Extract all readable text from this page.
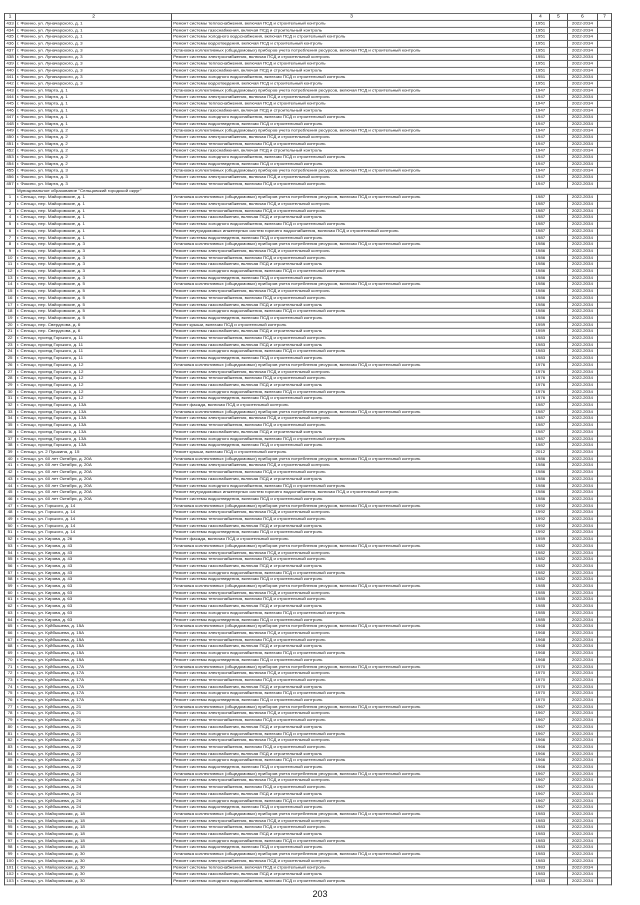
1	2	3	4	5	6	7
433	г. Фокино, ул. Луначарского, д. 1	Ремонт системы теплоснабжения, включая ПСД и строительный контроль	1951		2022-2034	
434	г. Фокино, ул. Луначарского, д. 1	Ремонт системы газоснабжения, включая ПСД и строительный контроль	1951		2022-2034	
435	г. Фокино, ул. Луначарского, д. 1	Ремонт системы холодного водоснабжения, включая ПСД и строительный контроль	1951		2022-2034	
436	г. Фокино, ул. Луначарского, д. 3	Ремонт системы водоотведения, включая ПСД и строительный контроль	1951		2022-2034	
437	г. Фокино, ул. Луначарского, д. 3	Установка коллективных (общедомовых) приборов учета потребления ресурсов, включая ПСД и строительный контроль	1951		2022-2034	
438	г. Фокино, ул. Луначарского, д. 3	Ремонт системы электроснабжения, включая ПСД и строительный контроль	1951		2022-2034	
439	г. Фокино, ул. Луначарского, д. 3	Ремонт системы теплоснабжения, включая ПСД и строительный контроль	1951		2022-2034	
440	г. Фокино, ул. Луначарского, д. 3	Ремонт системы газоснабжения, включая ПСД и строительный контроль	1951		2022-2034	
441	г. Фокино, ул. Луначарского, д. 3	Ремонт системы холодного водоснабжения, включая ПСД и строительный контроль	1951		2022-2034	
442	г. Фокино, ул. Луначарского, д. 3	Ремонт системы водоотведения, включая ПСД и строительный контроль	1951		2022-2034	
443	г. Фокино, ул. Марта, д. 1	Установка коллективных (общедомовых) приборов учета потребления ресурсов, включая ПСД и строительный контроль	1947		2022-2034	
444	г. Фокино, ул. Марта, д. 1	Ремонт системы электроснабжения, включая ПСД и строительный контроль	1947		2022-2034	
445	г. Фокино, ул. Марта, д. 1	Ремонт системы теплоснабжения, включая ПСД и строительный контроль	1947		2022-2034	
446	г. Фокино, ул. Марта, д. 1	Ремонт системы газоснабжения, включая ПСД и строительный контроль	1947		2022-2034	
447	г. Фокино, ул. Марта, д. 1	Ремонт системы холодного водоснабжения, включая ПСД и строительный контроль	1947		2022-2034	
448	г. Фокино, ул. Марта, д. 1	Ремонт системы водоотведения, включая ПСД и строительный контроль	1947		2022-2034	
449	г. Фокино, ул. Марта, д. 2	Установка коллективных (общедомовых) приборов учета потребления ресурсов, включая ПСД и строительный контроль	1947		2022-2034	
450	г. Фокино, ул. Марта, д. 2	Ремонт системы электроснабжения, включая ПСД и строительный контроль	1947		2022-2034	
451	г. Фокино, ул. Марта, д. 2	Ремонт системы теплоснабжения, включая ПСД и строительный контроль	1947		2022-2034	
452	г. Фокино, ул. Марта, д. 2	Ремонт системы газоснабжения, включая ПСД и строительный контроль	1947		2022-2034	
453	г. Фокино, ул. Марта, д. 2	Ремонт системы холодного водоснабжения, включая ПСД и строительный контроль	1947		2022-2034	
454	г. Фокино, ул. Марта, д. 2	Ремонт системы водоотведения, включая ПСД и строительный контроль	1947		2022-2034	
455	г. Фокино, ул. Марта, д. 3	Установка коллективных (общедомовых) приборов учета потребления ресурсов, включая ПСД и строительный контроль	1947		2022-2034	
456	г. Фокино, ул. Марта, д. 3	Ремонт системы электроснабжения, включая ПСД и строительный контроль	1947		2022-2034	
457	г. Фокино, ул. Марта, д. 3	Ремонт системы теплоснабжения, включая ПСД и строительный контроль	1947		2022-2034	
	Муниципальное образование "Сельцовский городской округ"					
1	г. Сельцо, пер. Майоровские, д. 1	Установка коллективных (общедомовых) приборов учета потребления ресурсов, включая ПСД и строительный контроль	1987		2022-2034	
2	г. Сельцо, пер. Майоровские, д. 1	Ремонт системы электроснабжения, включая ПСД и строительный контроль	1987		2022-2034	
3	г. Сельцо, пер. Майоровские, д. 1	Ремонт системы теплоснабжения, включая ПСД и строительный контроль	1987		2022-2034	
4	г. Сельцо, пер. Майоровские, д. 1	Ремонт системы газоснабжения, включая ПСД и строительный контроль	1987		2022-2034	
5	г. Сельцо, пер. Майоровские, д. 1	Ремонт системы холодного водоснабжения, включая ПСД и строительный контроль	1987		2022-2034	
6	г. Сельцо, пер. Майоровские, д. 1	Ремонт внутридомовых инженерных систем горячего водоснабжения, включая ПСД и строительный контроль	1987		2022-2034	
7	г. Сельцо, пер. Майоровские, д. 1	Ремонт системы водоотведения, включая ПСД и строительный контроль	1987		2022-2034	
8	г. Сельцо, пер. Майоровские, д. 3	Установка коллективных (общедомовых) приборов учета потребления ресурсов, включая ПСД и строительный контроль	1986		2022-2034	
9	г. Сельцо, пер. Майоровские, д. 3	Ремонт системы электроснабжения, включая ПСД и строительный контроль	1986		2022-2034	
10	г. Сельцо, пер. Майоровские, д. 3	Ремонт системы теплоснабжения, включая ПСД и строительный контроль	1986		2022-2034	
11	г. Сельцо, пер. Майоровские, д. 3	Ремонт системы газоснабжения, включая ПСД и строительный контроль	1986		2022-2034	
12	г. Сельцо, пер. Майоровские, д. 3	Ремонт системы холодного водоснабжения, включая ПСД и строительный контроль	1986		2022-2034	
13	г. Сельцо, пер. Майоровские, д. 3	Ремонт системы водоотведения, включая ПСД и строительный контроль	1986		2022-2034	
14	г. Сельцо, пер. Майоровские, д. 5	Установка коллективных (общедомовых) приборов учета потребления ресурсов, включая ПСД и строительный контроль	1986		2022-2034	
15	г. Сельцо, пер. Майоровские, д. 5	Ремонт системы электроснабжения, включая ПСД и строительный контроль	1986		2022-2034	
16	г. Сельцо, пер. Майоровские, д. 5	Ремонт системы теплоснабжения, включая ПСД и строительный контроль	1986		2022-2034	
17	г. Сельцо, пер. Майоровские, д. 5	Ремонт системы газоснабжения, включая ПСД и строительный контроль	1986		2022-2034	
18	г. Сельцо, пер. Майоровские, д. 5	Ремонт системы холодного водоснабжения, включая ПСД и строительный контроль	1986		2022-2034	
19	г. Сельцо, пер. Майоровские, д. 5	Ремонт системы водоотведения, включая ПСД и строительный контроль	1986		2022-2034	
20	г. Сельцо, пер. Свердлова, д. 6	Ремонт крыши, включая ПСД и строительный контроль	1959		2022-2034	
21	г. Сельцо, пер. Свердлова, д. 6	Ремонт системы газоснабжения, включая ПСД и строительный контроль	1959		2022-2034	
22	г. Сельцо, проезд Горького, д. 11	Ремонт системы теплоснабжения, включая ПСД и строительный контроль	1983		2022-2034	
23	г. Сельцо, проезд Горького, д. 11	Ремонт системы газоснабжения, включая ПСД и строительный контроль	1983		2022-2034	
24	г. Сельцо, проезд Горького, д. 11	Ремонт системы холодного водоснабжения, включая ПСД и строительный контроль	1983		2022-2034	
25	г. Сельцо, проезд Горького, д. 11	Ремонт системы водоотведения, включая ПСД и строительный контроль	1983		2022-2034	
26	г. Сельцо, проезд Горького, д. 12	Установка коллективных (общедомовых) приборов учета потребления ресурсов, включая ПСД и строительный контроль	1976		2022-2034	
27	г. Сельцо, проезд Горького, д. 12	Ремонт системы электроснабжения, включая ПСД и строительный контроль	1976		2022-2034	
28	г. Сельцо, проезд Горького, д. 12	Ремонт системы теплоснабжения, включая ПСД и строительный контроль	1976		2022-2034	
29	г. Сельцо, проезд Горького, д. 12	Ремонт системы газоснабжения, включая ПСД и строительный контроль	1976		2022-2034	
30	г. Сельцо, проезд Горького, д. 12	Ремонт системы холодного водоснабжения, включая ПСД и строительный контроль	1976		2022-2034	
31	г. Сельцо, проезд Горького, д. 12	Ремонт системы водоотведения, включая ПСД и строительный контроль	1976		2022-2034	
32	г. Сельцо, проезд Горького, д. 13А	Ремонт фасада, включая ПСД и строительный контроль	1987		2022-2034	
33	г. Сельцо, проезд Горького, д. 13А	Установка коллективных (общедомовых) приборов учета потребления ресурсов, включая ПСД и строительный контроль	1987		2022-2034	
34	г. Сельцо, проезд Горького, д. 13А	Ремонт системы электроснабжения, включая ПСД и строительный контроль	1987		2022-2034	
35	г. Сельцо, проезд Горького, д. 13А	Ремонт системы теплоснабжения, включая ПСД и строительный контроль	1987		2022-2034	
36	г. Сельцо, проезд Горького, д. 13А	Ремонт системы газоснабжения, включая ПСД и строительный контроль	1987		2022-2034	
37	г. Сельцо, проезд Горького, д. 13А	Ремонт системы холодного водоснабжения, включая ПСД и строительный контроль	1987		2022-2034	
38	г. Сельцо, проезд Горького, д. 13А	Ремонт системы водоотведения, включая ПСД и строительный контроль	1987		2022-2034	
39	г. Сельцо, ул. 2 Пушкина, д. 15	Ремонт крыши, включая ПСД и строительный контроль	2012		2022-2034	
40	г. Сельцо, ул. 60 лет Октября, д. 20А	Установка коллективных (общедомовых) приборов учета потребления ресурсов, включая ПСД и строительный контроль	1986		2022-2034	
41	г. Сельцо, ул. 60 лет Октября, д. 20А	Ремонт системы электроснабжения, включая ПСД и строительный контроль	1986		2022-2034	
42	г. Сельцо, ул. 60 лет Октября, д. 20А	Ремонт системы теплоснабжения, включая ПСД и строительный контроль	1986		2022-2034	
43	г. Сельцо, ул. 60 лет Октября, д. 20А	Ремонт системы газоснабжения, включая ПСД и строительный контроль	1986		2022-2034	
44	г. Сельцо, ул. 60 лет Октября, д. 20А	Ремонт системы холодного водоснабжения, включая ПСД и строительный контроль	1986		2022-2034	
45	г. Сельцо, ул. 60 лет Октября, д. 20А	Ремонт внутридомовых инженерных систем горячего водоснабжения, включая ПСД и строительный контроль	1986		2022-2034	
46	г. Сельцо, ул. 60 лет Октября, д. 20А	Ремонт системы водоотведения, включая ПСД и строительный контроль	1986		2022-2034	
47	г. Сельцо, ул. Горького, д. 14	Установка коллективных (общедомовых) приборов учета потребления ресурсов, включая ПСД и строительный контроль	1992		2022-2034	
48	г. Сельцо, ул. Горького, д. 14	Ремонт системы электроснабжения, включая ПСД и строительный контроль	1992		2022-2034	
49	г. Сельцо, ул. Горького, д. 14	Ремонт системы теплоснабжения, включая ПСД и строительный контроль	1992		2022-2034	
50	г. Сельцо, ул. Горького, д. 14	Ремонт системы газоснабжения, включая ПСД и строительный контроль	1992		2022-2034	
51	г. Сельцо, ул. Горького, д. 14	Ремонт системы водоотведения, включая ПСД и строительный контроль	1992		2022-2034	
52	г. Сельцо, ул. Кирова, д. 26	Ремонт фасада, включая ПСД и строительный контроль	1959		2022-2034	
53	г. Сельцо, ул. Кирова, д. 43	Установка коллективных (общедомовых) приборов учета потребления ресурсов, включая ПСД и строительный контроль	1982		2022-2034	
54	г. Сельцо, ул. Кирова, д. 43	Ремонт системы электроснабжения, включая ПСД и строительный контроль	1982		2022-2034	
55	г. Сельцо, ул. Кирова, д. 43	Ремонт системы теплоснабжения, включая ПСД и строительный контроль	1982		2022-2034	
56	г. Сельцо, ул. Кирова, д. 43	Ремонт системы газоснабжения, включая ПСД и строительный контроль	1982		2022-2034	
57	г. Сельцо, ул. Кирова, д. 43	Ремонт системы холодного водоснабжения, включая ПСД и строительный контроль	1982		2022-2034	
58	г. Сельцо, ул. Кирова, д. 43	Ремонт системы водоотведения, включая ПСД и строительный контроль	1982		2022-2034	
59	г. Сельцо, ул. Кирова, д. 63	Установка коллективных (общедомовых) приборов учета потребления ресурсов, включая ПСД и строительный контроль	1985		2022-2034	
60	г. Сельцо, ул. Кирова, д. 63	Ремонт системы электроснабжения, включая ПСД и строительный контроль	1985		2022-2034	
61	г. Сельцо, ул. Кирова, д. 63	Ремонт системы теплоснабжения, включая ПСД и строительный контроль	1985		2022-2034	
62	г. Сельцо, ул. Кирова, д. 63	Ремонт системы газоснабжения, включая ПСД и строительный контроль	1985		2022-2034	
63	г. Сельцо, ул. Кирова, д. 63	Ремонт системы холодного водоснабжения, включая ПСД и строительный контроль	1985		2022-2034	
64	г. Сельцо, ул. Кирова, д. 63	Ремонт системы водоотведения, включая ПСД и строительный контроль	1985		2022-2034	
65	г. Сельцо, ул. Куйбышева, д. 15А	Установка коллективных (общедомовых) приборов учета потребления ресурсов, включая ПСД и строительный контроль	1968		2022-2034	
66	г. Сельцо, ул. Куйбышева, д. 15А	Ремонт системы электроснабжения, включая ПСД и строительный контроль	1968		2022-2034	
67	г. Сельцо, ул. Куйбышева, д. 15А	Ремонт системы теплоснабжения, включая ПСД и строительный контроль	1968		2022-2034	
68	г. Сельцо, ул. Куйбышева, д. 15А	Ремонт системы газоснабжения, включая ПСД и строительный контроль	1968		2022-2034	
69	г. Сельцо, ул. Куйбышева, д. 15А	Ремонт системы холодного водоснабжения, включая ПСД и строительный контроль	1968		2022-2034	
70	г. Сельцо, ул. Куйбышева, д. 15А	Ремонт системы водоотведения, включая ПСД и строительный контроль	1968		2022-2034	
71	г. Сельцо, ул. Куйбышева, д. 17А	Установка коллективных (общедомовых) приборов учета потребления ресурсов, включая ПСД и строительный контроль	1970		2022-2034	
72	г. Сельцо, ул. Куйбышева, д. 17А	Ремонт системы электроснабжения, включая ПСД и строительный контроль	1970		2022-2034	
73	г. Сельцо, ул. Куйбышева, д. 17А	Ремонт системы теплоснабжения, включая ПСД и строительный контроль	1970		2022-2034	
74	г. Сельцо, ул. Куйбышева, д. 17А	Ремонт системы газоснабжения, включая ПСД и строительный контроль	1970		2022-2034	
75	г. Сельцо, ул. Куйбышева, д. 17А	Ремонт системы холодного водоснабжения, включая ПСД и строительный контроль	1970		2022-2034	
76	г. Сельцо, ул. Куйбышева, д. 17А	Ремонт системы водоотведения, включая ПСД и строительный контроль	1970		2022-2034	
77	г. Сельцо, ул. Куйбышева, д. 21	Установка коллективных (общедомовых) приборов учета потребления ресурсов, включая ПСД и строительный контроль	1967		2022-2034	
78	г. Сельцо, ул. Куйбышева, д. 21	Ремонт системы электроснабжения, включая ПСД и строительный контроль	1967		2022-2034	
79	г. Сельцо, ул. Куйбышева, д. 21	Ремонт системы теплоснабжения, включая ПСД и строительный контроль	1967		2022-2034	
80	г. Сельцо, ул. Куйбышева, д. 21	Ремонт системы газоснабжения, включая ПСД и строительный контроль	1967		2022-2034	
81	г. Сельцо, ул. Куйбышева, д. 21	Ремонт системы холодного водоснабжения, включая ПСД и строительный контроль	1967		2022-2034	
82	г. Сельцо, ул. Куйбышева, д. 22	Ремонт системы электроснабжения, включая ПСД и строительный контроль	1966		2022-2034	
83	г. Сельцо, ул. Куйбышева, д. 22	Ремонт системы теплоснабжения, включая ПСД и строительный контроль	1966		2022-2034	
84	г. Сельцо, ул. Куйбышева, д. 22	Ремонт системы газоснабжения, включая ПСД и строительный контроль	1966		2022-2034	
85	г. Сельцо, ул. Куйбышева, д. 22	Ремонт системы холодного водоснабжения, включая ПСД и строительный контроль	1966		2022-2034	
86	г. Сельцо, ул. Куйбышева, д. 22	Ремонт системы водоотведения, включая ПСД и строительный контроль	1966		2022-2034	
87	г. Сельцо, ул. Куйбышева, д. 24	Установка коллективных (общедомовых) приборов учета потребления ресурсов, включая ПСД и строительный контроль	1967		2022-2034	
88	г. Сельцо, ул. Куйбышева, д. 24	Ремонт системы электроснабжения, включая ПСД и строительный контроль	1967		2022-2034	
89	г. Сельцо, ул. Куйбышева, д. 24	Ремонт системы теплоснабжения, включая ПСД и строительный контроль	1967		2022-2034	
90	г. Сельцо, ул. Куйбышева, д. 24	Ремонт системы газоснабжения, включая ПСД и строительный контроль	1967		2022-2034	
91	г. Сельцо, ул. Куйбышева, д. 24	Ремонт системы холодного водоснабжения, включая ПСД и строительный контроль	1967		2022-2034	
92	г. Сельцо, ул. Куйбышева, д. 24	Ремонт системы водоотведения, включая ПСД и строительный контроль	1967		2022-2034	
93	г. Сельцо, ул. Майоровская, д. 18	Установка коллективных (общедомовых) приборов учета потребления ресурсов, включая ПСД и строительный контроль	1983		2022-2034	
94	г. Сельцо, ул. Майоровская, д. 18	Ремонт системы электроснабжения, включая ПСД и строительный контроль	1983		2022-2034	
95	г. Сельцо, ул. Майоровская, д. 18	Ремонт системы теплоснабжения, включая ПСД и строительный контроль	1983		2022-2034	
96	г. Сельцо, ул. Майоровская, д. 18	Ремонт системы газоснабжения, включая ПСД и строительный контроль	1983		2022-2034	
97	г. Сельцо, ул. Майоровская, д. 18	Ремонт системы холодного водоснабжения, включая ПСД и строительный контроль	1983		2022-2034	
98	г. Сельцо, ул. Майоровская, д. 18	Ремонт системы водоотведения, включая ПСД и строительный контроль	1983		2022-2034	
99	г. Сельцо, ул. Майоровская, д. 30	Установка коллективных (общедомовых) приборов учета потребления ресурсов, включая ПСД и строительный контроль	1983		2022-2034	
100	г. Сельцо, ул. Майоровская, д. 30	Ремонт системы электроснабжения, включая ПСД и строительный контроль	1983		2022-2034	
101	г. Сельцо, ул. Майоровская, д. 30	Ремонт системы теплоснабжения, включая ПСД и строительный контроль	1983		2022-2034	
102	г. Сельцо, ул. Майоровская, д. 30	Ремонт системы газоснабжения, включая ПСД и строительный контроль	1983		2022-2034	
103	г. Сельцо, ул. Майоровская, д. 30	Ремонт системы холодного водоснабжения, включая ПСД и строительный контроль	1983		2022-2034	
203
